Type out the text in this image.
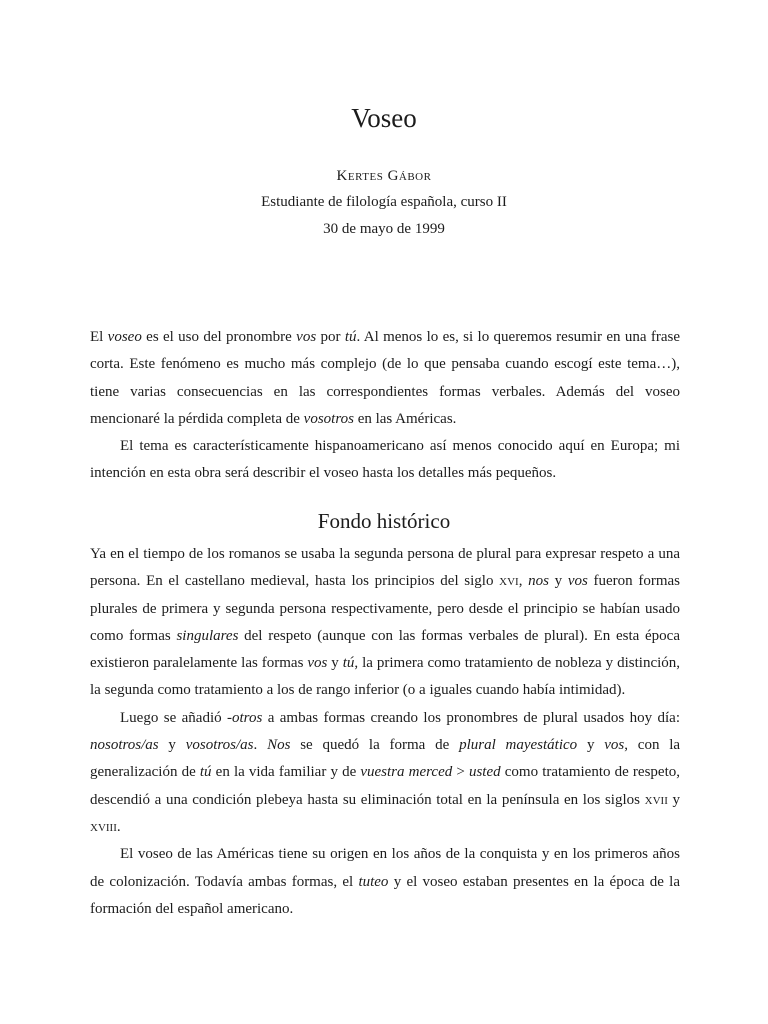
Voseo
Kertes Gábor
Estudiante de filología española, curso II
30 de mayo de 1999

El voseo es el uso del pronombre vos por tú. Al menos lo es, si lo queremos resumir en una frase corta. Este fenómeno es mucho más complejo (de lo que pensaba cuando escogí este tema…), tiene varias consecuencias en las correspondientes formas verbales. Además del voseo mencionaré la pérdida completa de vosotros en las Américas.

El tema es característicamente hispanoamericano así menos conocido aquí en Europa; mi intención en esta obra será describir el voseo hasta los detalles más pequeños.

Fondo histórico

Ya en el tiempo de los romanos se usaba la segunda persona de plural para expresar respeto a una persona. En el castellano medieval, hasta los principios del siglo xvi, nos y vos fueron formas plurales de primera y segunda persona respectivamente, pero desde el principio se habían usado como formas singulares del respeto (aunque con las formas verbales de plural). En esta época existieron paralelamente las formas vos y tú, la primera como tratamiento de nobleza y distinción, la segunda como tratamiento a los de rango inferior (o a iguales cuando había intimidad).

Luego se añadió -otros a ambas formas creando los pronombres de plural usados hoy día: nosotros/as y vosotros/as. Nos se quedó la forma de plural mayestático y vos, con la generalización de tú en la vida familiar y de vuestra merced > usted como tratamiento de respeto, descendió a una condición plebeya hasta su eliminación total en la península en los siglos xvii y xviii.

El voseo de las Américas tiene su origen en los años de la conquista y en los primeros años de colonización. Todavía ambas formas, el tuteo y el voseo estaban presentes en la época de la formación del español americano.
